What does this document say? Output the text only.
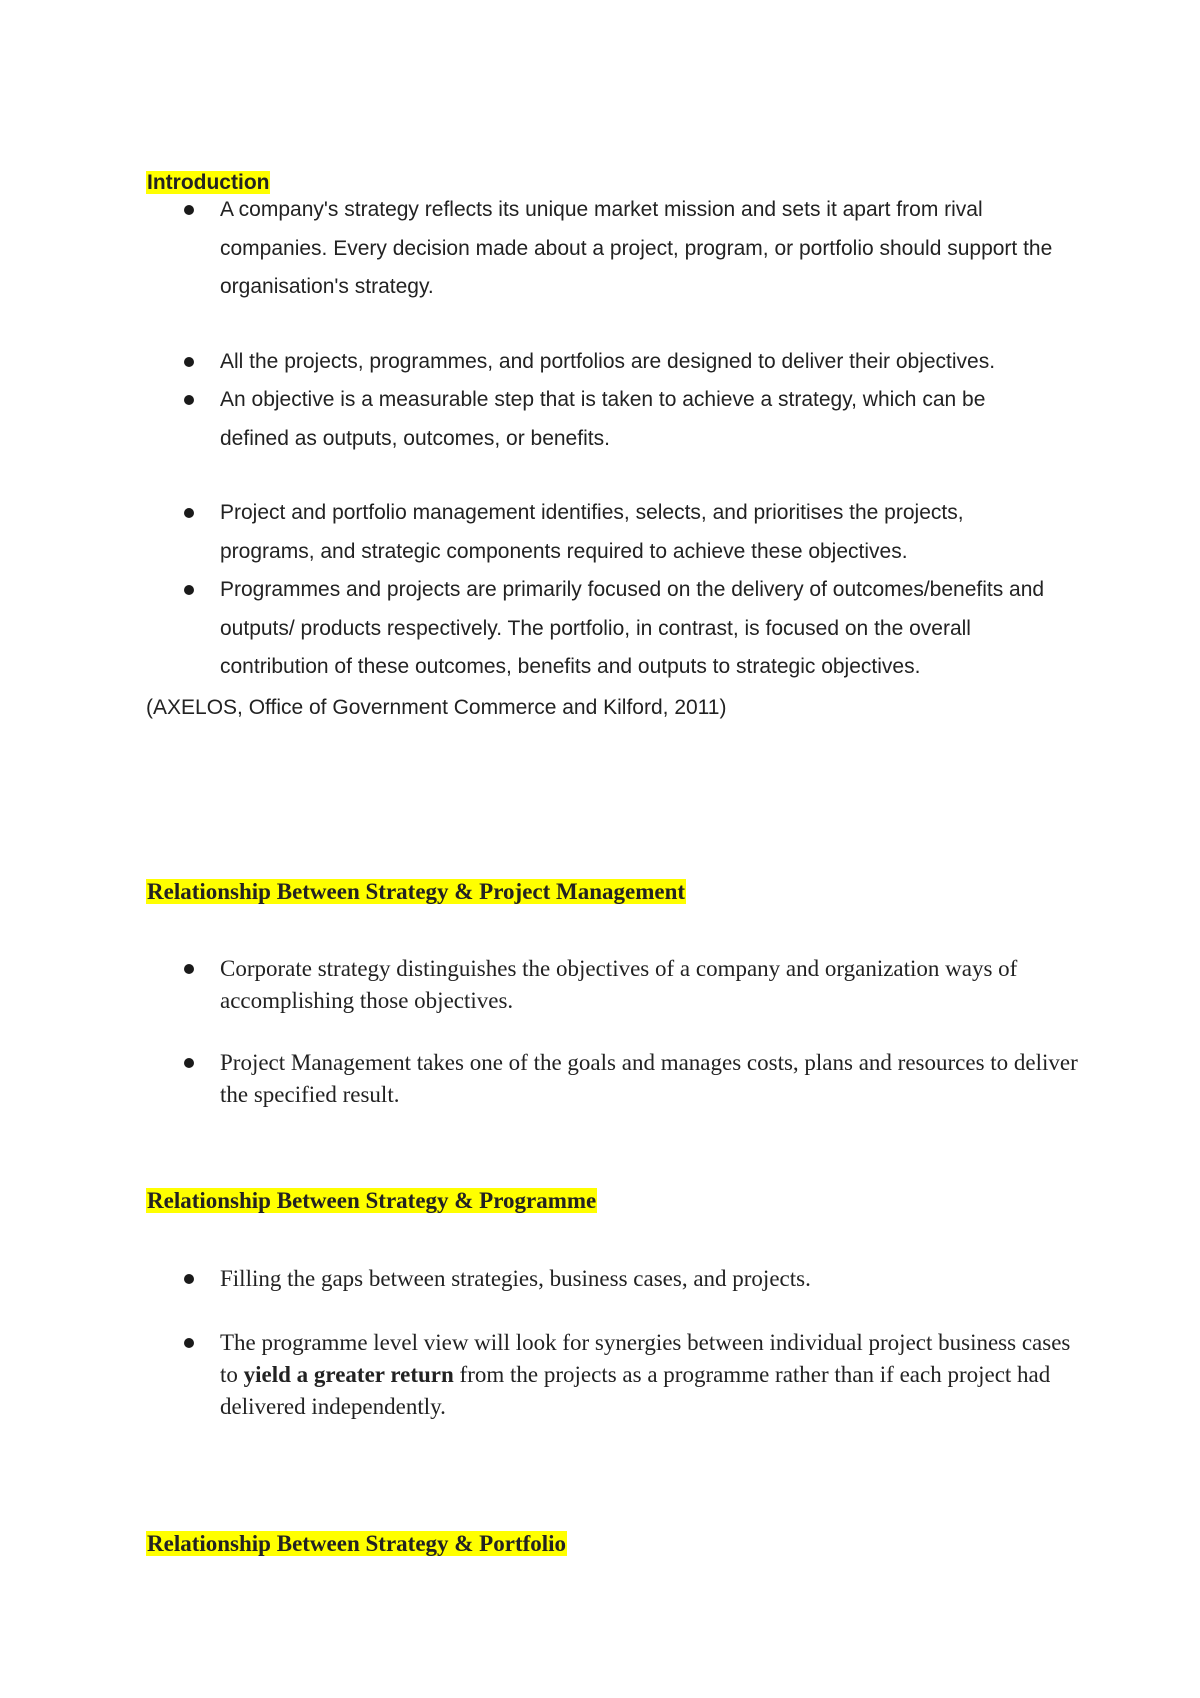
Introduction
A company's strategy reflects its unique market mission and sets it apart from rival companies. Every decision made about a project, program, or portfolio should support the organisation's strategy.
All the projects, programmes, and portfolios are designed to deliver their objectives.
An objective is a measurable step that is taken to achieve a strategy, which can be defined as outputs, outcomes, or benefits.
Project and portfolio management identifies, selects, and prioritises the projects, programs, and strategic components required to achieve these objectives.
Programmes and projects are primarily focused on the delivery of outcomes/benefits and outputs/ products respectively. The portfolio, in contrast, is focused on the overall contribution of these outcomes, benefits and outputs to strategic objectives.

(AXELOS, Office of Government Commerce and Kilford, 2011)

Relationship Between Strategy & Project Management
Corporate strategy distinguishes the objectives of a company and organization ways of accomplishing those objectives.
Project Management takes one of the goals and manages costs, plans and resources to deliver the specified result.
Relationship Between Strategy & Programme
Filling the gaps between strategies, business cases, and projects.
The programme level view will look for synergies between individual project business cases to yield a greater return from the projects as a programme rather than if each project had delivered independently.
Relationship Between Strategy & Portfolio
